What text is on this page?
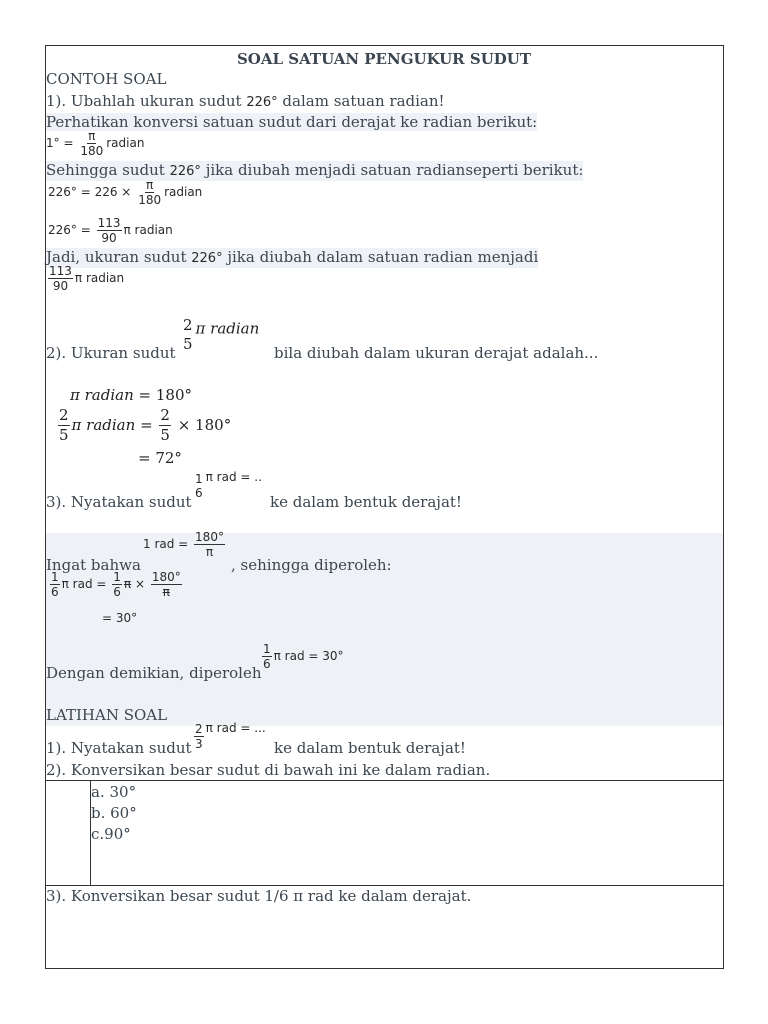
SOAL SATUAN PENGUKUR SUDUT
CONTOH SOAL
1). Ubahlah ukuran sudut 226° dalam satuan radian!
Perhatikan konversi satuan sudut dari derajat ke radian berikut:
$1^\circ = \frac{\pi}{180}$ radian
Sehingga sudut 226° jika diubah menjadi satuan radianseperti berikut:
$226^\circ = 226 \times \frac{\pi}{180}$ radian
$226^\circ = \frac{113}{90}$ π radian
Jadi, ukuran sudut 226° jika diubah dalam satuan radian menjadi
$\frac{113}{90}$ π radian
2). Ukuran sudut
2
5
π radian
bila diubah dalam ukuran derajat adalah...
π radian = 180°
$\frac{2}{5}$ π radian = $\frac{2}{5} \times 180^\circ$
= 72°
1
6
π rad = ..
3). Nyatakan sudut	ke dalam bentuk derajat!
1 rad = $\frac{180^\circ}{\pi}$
Ingat bahwa	, sehingga diperoleh:
$\frac{1}{6}$ π rad = $\frac{1}{6}$ $\pi \times \frac{180^\circ}{\pi}$
= 30°
$\frac{1}{6}$ π rad = 30°
Dengan demikian, diperoleh
LATIHAN SOAL
1). Nyatakan sudut $\frac{2}{3}$ π rad = ...
ke dalam bentuk derajat!
2). Konversikan besar sudut di bawah ini ke dalam radian.
a. 30°
b. 60°
c.90°
3). Konversikan besar sudut 1/6 π rad ke dalam derajat.
